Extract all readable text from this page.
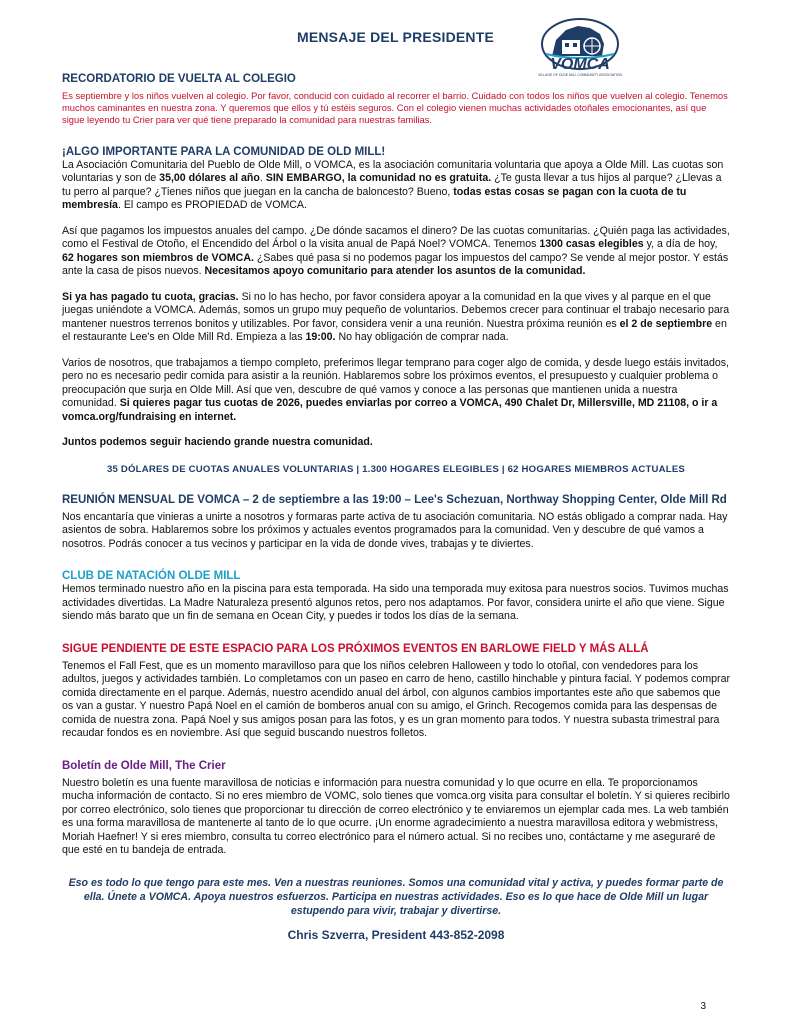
MENSAJE DEL PRESIDENTE
VOMCA
VILLAGE OF OLDE MILL COMMUNITY ASSOCIATION
RECORDATORIO DE VUELTA AL COLEGIO

Es septiembre y los niños vuelven al colegio. Por favor, conducid con cuidado al recorrer el barrio. Cuidado con todos los niños que vuelven al colegio. Tenemos muchos caminantes en nuestra zona. Y queremos que ellos y tú estéis seguros. Con el colegio vienen muchas actividades otoñales emocionantes, así que sigue leyendo tu Crier para ver qué tiene preparado la comunidad para nuestras familias.

¡ALGO IMPORTANTE PARA LA COMUNIDAD DE OLD MILL!

La Asociación Comunitaria del Pueblo de Olde Mill, o VOMCA, es la asociación comunitaria voluntaria que apoya a Olde Mill. Las cuotas son voluntarias y son de 35,00 dólares al año. SIN EMBARGO, la comunidad no es gratuita. ¿Te gusta llevar a tus hijos al parque? ¿Llevas a tu perro al parque? ¿Tienes niños que juegan en la cancha de baloncesto? Bueno, todas estas cosas se pagan con la cuota de tu membresía. El campo es PROPIEDAD de VOMCA.

Así que pagamos los impuestos anuales del campo. ¿De dónde sacamos el dinero? De las cuotas comunitarias. ¿Quién paga las actividades, como el Festival de Otoño, el Encendido del Árbol o la visita anual de Papá Noel? VOMCA. Tenemos 1300 casas elegibles y, a día de hoy, 62 hogares son miembros de VOMCA. ¿Sabes qué pasa si no podemos pagar los impuestos del campo? Se vende al mejor postor. Y estás ante la casa de pisos nuevos. Necesitamos apoyo comunitario para atender los asuntos de la comunidad.

Si ya has pagado tu cuota, gracias. Si no lo has hecho, por favor considera apoyar a la comunidad en la que vives y al parque en el que juegas uniéndote a VOMCA. Además, somos un grupo muy pequeño de voluntarios. Debemos crecer para continuar el trabajo necesario para mantener nuestros terrenos bonitos y utilizables. Por favor, considera venir a una reunión. Nuestra próxima reunión es el 2 de septiembre en el restaurante Lee's en Olde Mill Rd. Empieza a las 19:00. No hay obligación de comprar nada.

Varios de nosotros, que trabajamos a tiempo completo, preferimos llegar temprano para coger algo de comida, y desde luego estáis invitados, pero no es necesario pedir comida para asistir a la reunión. Hablaremos sobre los próximos eventos, el presupuesto y cualquier problema o preocupación que surja en Olde Mill. Así que ven, descubre de qué vamos y conoce a las personas que mantienen unida a nuestra comunidad. Si quieres pagar tus cuotas de 2026, puedes enviarlas por correo a VOMCA, 490 Chalet Dr, Millersville, MD 21108, o ir a vomca.org/fundraising en internet.

Juntos podemos seguir haciendo grande nuestra comunidad.

35 DÓLARES DE CUOTAS ANUALES VOLUNTARIAS | 1.300 HOGARES ELEGIBLES | 62 HOGARES MIEMBROS ACTUALES
REUNIÓN MENSUAL DE VOMCA – 2 de septiembre a las 19:00 – Lee's Schezuan, Northway Shopping Center, Olde Mill Rd

Nos encantaría que vinieras a unirte a nosotros y formaras parte activa de tu asociación comunitaria. NO estás obligado a comprar nada. Hay asientos de sobra. Hablaremos sobre los próximos y actuales eventos programados para la comunidad. Ven y descubre de qué vamos a nosotros. Podrás conocer a tus vecinos y participar en la vida de donde vives, trabajas y te diviertes.

CLUB DE NATACIÓN OLDE MILL

Hemos terminado nuestro año en la piscina para esta temporada. Ha sido una temporada muy exitosa para nuestros socios. Tuvimos muchas actividades divertidas. La Madre Naturaleza presentó algunos retos, pero nos adaptamos. Por favor, considera unirte el año que viene. Sigue siendo más barato que un fin de semana en Ocean City, y puedes ir todos los días de la semana.

SIGUE PENDIENTE DE ESTE ESPACIO PARA LOS PRÓXIMOS EVENTOS EN BARLOWE FIELD Y MÁS ALLÁ

Tenemos el Fall Fest, que es un momento maravilloso para que los niños celebren Halloween y todo lo otoñal, con vendedores para los adultos, juegos y actividades también. Lo completamos con un paseo en carro de heno, castillo hinchable y pintura facial. Y podemos comprar comida directamente en el parque. Además, nuestro acendido anual del árbol, con algunos cambios importantes este año que sabemos que os van a gustar. Y nuestro Papá Noel en el camión de bomberos anual con su amigo, el Grinch. Recogemos comida para las despensas de comida de nuestra zona. Papá Noel y sus amigos posan para las fotos, y es un gran momento para todos. Y nuestra subasta trimestral para recaudar fondos es en noviembre. Así que seguid buscando nuestros folletos.

Boletín de Olde Mill, The Crier

Nuestro boletín es una fuente maravillosa de noticias e información para nuestra comunidad y lo que ocurre en ella. Te proporcionamos mucha información de contacto. Si no eres miembro de VOMC, solo tienes que vomca.org visita para consultar el boletín. Y si quieres recibirlo por correo electrónico, solo tienes que proporcionar tu dirección de correo electrónico y te enviaremos un ejemplar cada mes. La web también es una forma maravillosa de mantenerte al tanto de lo que ocurre. ¡Un enorme agradecimiento a nuestra maravillosa editora y webmistress, Moriah Haefner! Y si eres miembro, consulta tu correo electrónico para el número actual. Si no recibes uno, contáctame y me aseguraré de que esté en tu bandeja de entrada.

Eso es todo lo que tengo para este mes. Ven a nuestras reuniones. Somos una comunidad vital y activa, y puedes formar parte de ella. Únete a VOMCA. Apoya nuestros esfuerzos. Participa en nuestras actividades. Eso es lo que hace de Olde Mill un lugar estupendo para vivir, trabajar y divertirse.
Chris Szverra, President 443-852-2098
3
